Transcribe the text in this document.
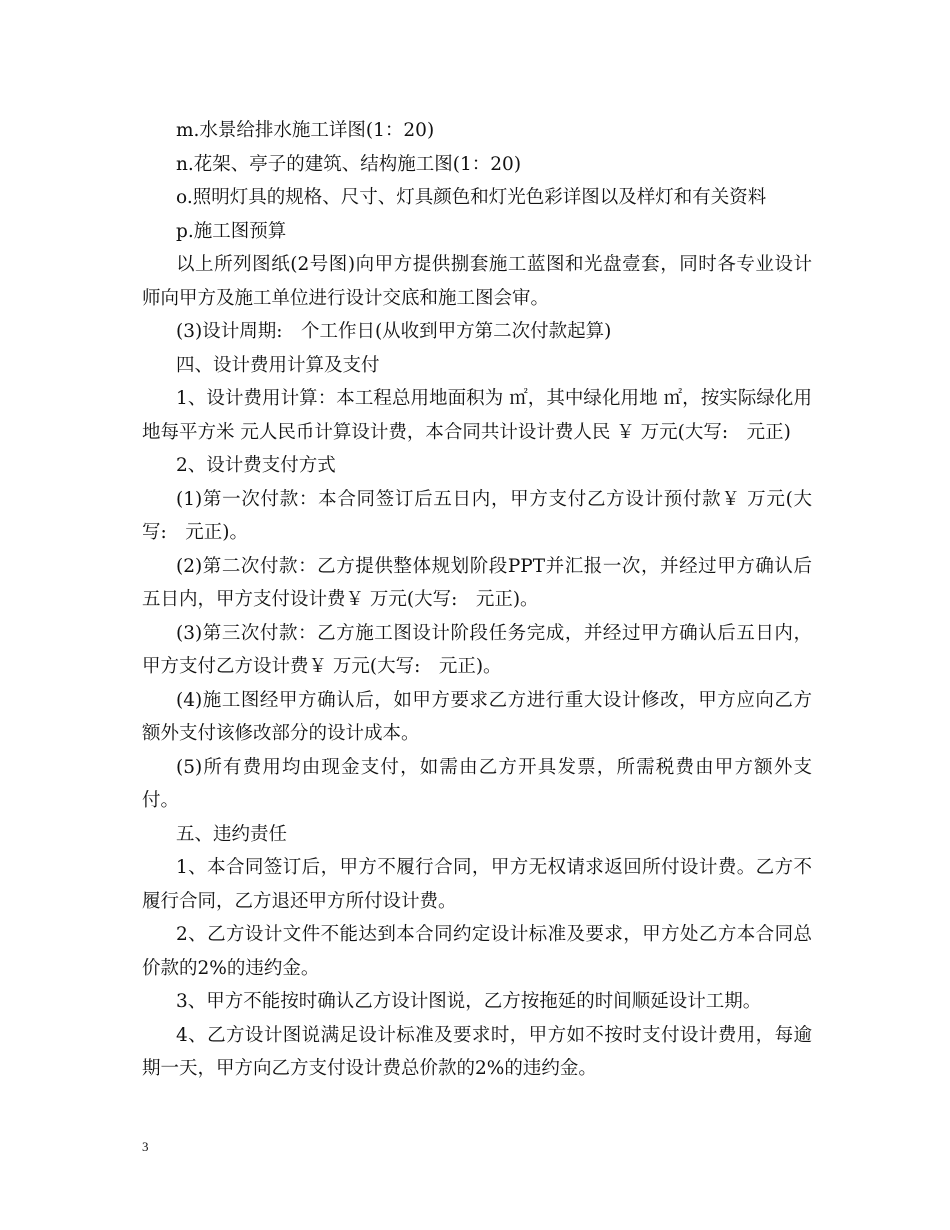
m.水景给排水施工详图(1：20)

n.花架、亭子的建筑、结构施工图(1：20)

o.照明灯具的规格、尺寸、灯具颜色和灯光色彩详图以及样灯和有关资料

p.施工图预算

以上所列图纸(2号图)向甲方提供捌套施工蓝图和光盘壹套，同时各专业设计师向甲方及施工单位进行设计交底和施工图会审。

(3)设计周期:　个工作日(从收到甲方第二次付款起算)

四、设计费用计算及支付

1、设计费用计算：本工程总用地面积为 ㎡，其中绿化用地 ㎡，按实际绿化用地每平方米 元人民币计算设计费，本合同共计设计费人民 ￥ 万元(大写:　元正)

2、设计费支付方式

(1)第一次付款：本合同签订后五日内，甲方支付乙方设计预付款￥ 万元(大写:　元正)。

(2)第二次付款：乙方提供整体规划阶段PPT并汇报一次，并经过甲方确认后五日内，甲方支付设计费￥ 万元(大写:　元正)。

(3)第三次付款：乙方施工图设计阶段任务完成，并经过甲方确认后五日内，甲方支付乙方设计费￥ 万元(大写:　元正)。

(4)施工图经甲方确认后，如甲方要求乙方进行重大设计修改，甲方应向乙方额外支付该修改部分的设计成本。

(5)所有费用均由现金支付，如需由乙方开具发票，所需税费由甲方额外支付。

五、违约责任

1、本合同签订后，甲方不履行合同，甲方无权请求返回所付设计费。乙方不履行合同，乙方退还甲方所付设计费。

2、乙方设计文件不能达到本合同约定设计标准及要求，甲方处乙方本合同总价款的2%的违约金。

3、甲方不能按时确认乙方设计图说，乙方按拖延的时间顺延设计工期。

4、乙方设计图说满足设计标准及要求时，甲方如不按时支付设计费用，每逾期一天，甲方向乙方支付设计费总价款的2%的违约金。

3
